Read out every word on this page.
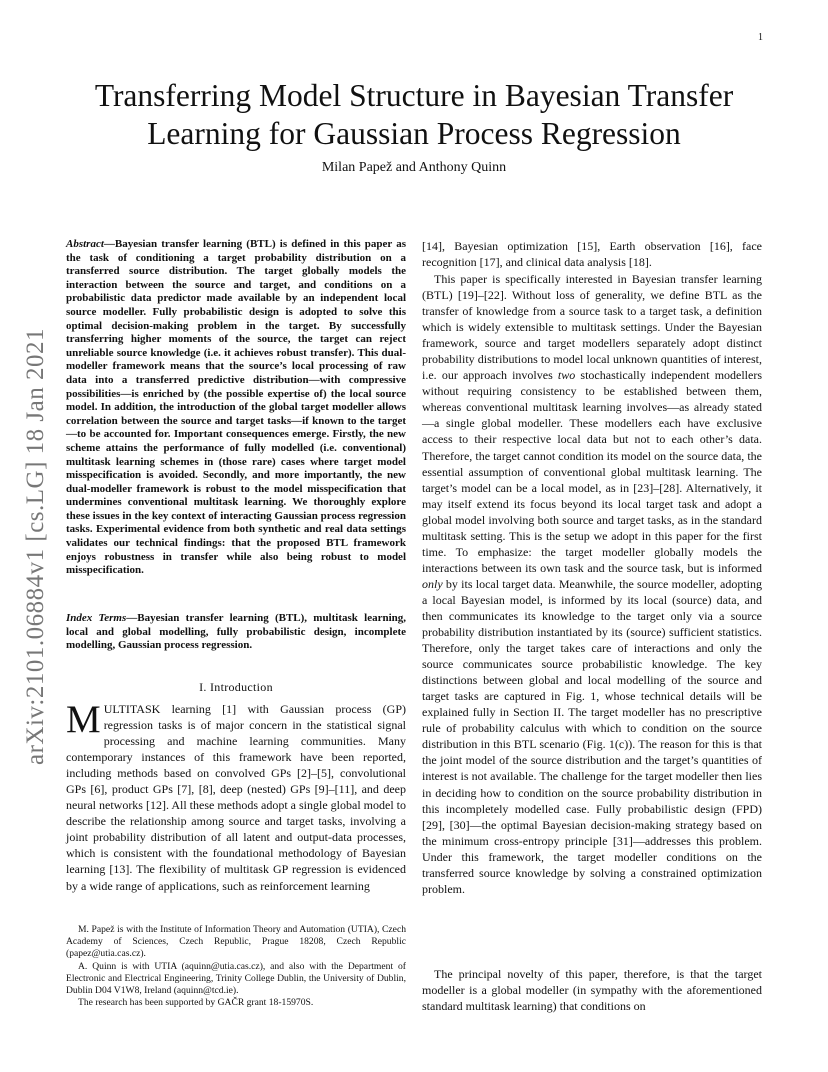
1
arXiv:2101.06884v1 [cs.LG] 18 Jan 2021
Transferring Model Structure in Bayesian Transfer Learning for Gaussian Process Regression
Milan Papež and Anthony Quinn
Abstract—Bayesian transfer learning (BTL) is defined in this paper as the task of conditioning a target probability distribution on a transferred source distribution. The target globally models the interaction between the source and target, and conditions on a probabilistic data predictor made available by an independent local source modeller. Fully probabilistic design is adopted to solve this optimal decision-making problem in the target. By successfully transferring higher moments of the source, the target can reject unreliable source knowledge (i.e. it achieves robust transfer). This dual-modeller framework means that the source’s local processing of raw data into a transferred predictive distribution—with compressive possibilities—is enriched by (the possible expertise of) the local source model. In addition, the introduction of the global target modeller allows correlation between the source and target tasks—if known to the target—to be accounted for. Important consequences emerge. Firstly, the new scheme attains the performance of fully modelled (i.e. conventional) multitask learning schemes in (those rare) cases where target model misspecification is avoided. Secondly, and more importantly, the new dual-modeller framework is robust to the model misspecification that undermines conventional multitask learning. We thoroughly explore these issues in the key context of interacting Gaussian process regression tasks. Experimental evidence from both synthetic and real data settings validates our technical findings: that the proposed BTL framework enjoys robustness in transfer while also being robust to model misspecification.
Index Terms—Bayesian transfer learning (BTL), multitask learning, local and global modelling, fully probabilistic design, incomplete modelling, Gaussian process regression.
I. Introduction
MULTITASK learning [1] with Gaussian process (GP) regression tasks is of major concern in the statistical signal processing and machine learning communities. Many contemporary instances of this framework have been reported, including methods based on convolved GPs [2]–[5], convolutional GPs [6], product GPs [7], [8], deep (nested) GPs [9]–[11], and deep neural networks [12]. All these methods adopt a single global model to describe the relationship among source and target tasks, involving a joint probability distribution of all latent and output-data processes, which is consistent with the foundational methodology of Bayesian learning [13]. The flexibility of multitask GP regression is evidenced by a wide range of applications, such as reinforcement learning

M. Papež is with the Institute of Information Theory and Automation (UTIA), Czech Academy of Sciences, Czech Republic, Prague 18208, Czech Republic (papez@utia.cas.cz).

A. Quinn is with UTIA (aquinn@utia.cas.cz), and also with the Department of Electronic and Electrical Engineering, Trinity College Dublin, the University of Dublin, Dublin D04 V1W8, Ireland (aquinn@tcd.ie).

The research has been supported by GAČR grant 18-15970S.

[14], Bayesian optimization [15], Earth observation [16], face recognition [17], and clinical data analysis [18].

This paper is specifically interested in Bayesian transfer learning (BTL) [19]–[22]. Without loss of generality, we define BTL as the transfer of knowledge from a source task to a target task, a definition which is widely extensible to multitask settings. Under the Bayesian framework, source and target modellers separately adopt distinct probability distributions to model local unknown quantities of interest, i.e. our approach involves two stochastically independent modellers without requiring consistency to be established between them, whereas conventional multitask learning involves—as already stated—a single global modeller. These modellers each have exclusive access to their respective local data but not to each other’s data. Therefore, the target cannot condition its model on the source data, the essential assumption of conventional global multitask learning. The target’s model can be a local model, as in [23]–[28]. Alternatively, it may itself extend its focus beyond its local target task and adopt a global model involving both source and target tasks, as in the standard multitask setting. This is the setup we adopt in this paper for the first time. To emphasize: the target modeller globally models the interactions between its own task and the source task, but is informed only by its local target data. Meanwhile, the source modeller, adopting a local Bayesian model, is informed by its local (source) data, and then communicates its knowledge to the target only via a source probability distribution instantiated by its (source) sufficient statistics. Therefore, only the target takes care of interactions and only the source communicates source probabilistic knowledge. The key distinctions between global and local modelling of the source and target tasks are captured in Fig. 1, whose technical details will be explained fully in Section II. The target modeller has no prescriptive rule of probability calculus with which to condition on the source distribution in this BTL scenario (Fig. 1(c)). The reason for this is that the joint model of the source distribution and the target’s quantities of interest is not available. The challenge for the target modeller then lies in deciding how to condition on the source probability distribution in this incompletely modelled case. Fully probabilistic design (FPD) [29], [30]—the optimal Bayesian decision-making strategy based on the minimum cross-entropy principle [31]—addresses this problem. Under this framework, the target modeller conditions on the transferred source knowledge by solving a constrained optimization problem.

The principal novelty of this paper, therefore, is that the target modeller is a global modeller (in sympathy with the aforementioned standard multitask learning) that conditions on
